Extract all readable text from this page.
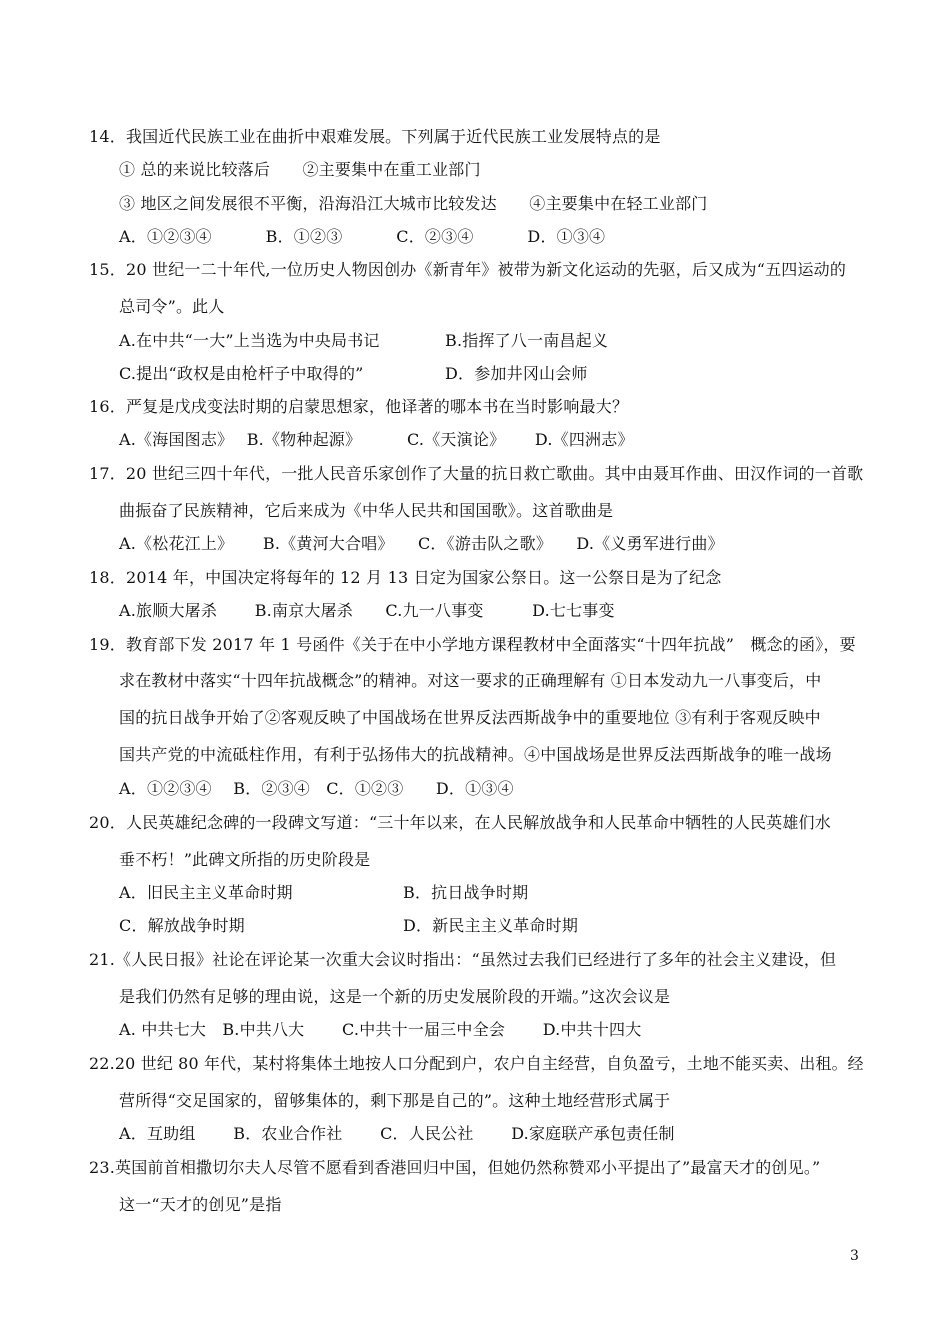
14．我国近代民族工业在曲折中艰难发展。下列属于近代民族工业发展特点的是
① 总的来说比较落后　　②主要集中在重工业部门
③ 地区之间发展很不平衡，沿海沿江大城市比较发达　　④主要集中在轻工业部门
A．①②③④　　　 B．①②③　　　 C．②③④　　　 D．①③④
15．20 世纪一二十年代,一位历史人物因创办《新青年》被带为新文化运动的先驱，后又成为“五四运动的
总司令”。此人
A.在中共“一大”上当选为中央局书记	B.指挥了八一南昌起义
C.提出“政权是由枪杆子中取得的”	D．参加井冈山会师
16．严复是戊戌变法时期的启蒙思想家，他译著的哪本书在当时影响最大？
A.《海国图志》　 B.《物种起源》　　　 C.《天演论》　　 D.《四洲志》
17．20 世纪三四十年代，一批人民音乐家创作了大量的抗日救亡歌曲。其中由聂耳作曲、田汉作词的一首歌
曲振奋了民族精神，它后来成为《中华人民共和国国歌》。这首歌曲是
A.《松花江上》　　 B.《黄河大合唱》　　C．《游击队之歌》　　D.《义勇军进行曲》
18．2014 年，中国决定将每年的 12 月 13 日定为国家公祭日。这一公祭日是为了纪念
A.旅顺大屠杀　　 B.南京大屠杀　　C.九一八事变　　　D.七七事变
19．教育部下发 2017 年 1 号函件《关于在中小学地方课程教材中全面落实“十四年抗战”　概念的函》，要
求在教材中落实“十四年抗战概念”的精神。对这一要求的正确理解有 ①日本发动九一八事变后，中
国的抗日战争开始了②客观反映了中国战场在世界反法西斯战争中的重要地位 ③有利于客观反映中
国共产党的中流砥柱作用，有利于弘扬伟大的抗战精神。④中国战场是世界反法西斯战争的唯一战场
A．①②③④　 B．②③④　C．①②③　　D．①③④
20．人民英雄纪念碑的一段碑文写道：“三十年以来，在人民解放战争和人民革命中牺牲的人民英雄们水
垂不朽！”此碑文所指的历史阶段是
A．旧民主主义革命时期	B．抗日战争时期
C．解放战争时期	D．新民主主义革命时期
21.《人民日报》社论在评论某一次重大会议时指出：“虽然过去我们已经进行了多年的社会主义建设，但
是我们仍然有足够的理由说，这是一个新的历史发展阶段的开端。”这次会议是
A. 中共七大　B.中共八大　　 C.中共十一届三中全会　　 D.中共十四大
22.20 世纪 80 年代，某村将集体土地按人口分配到户，农户自主经营，自负盈亏，土地不能买卖、出租。经
营所得“交足国家的，留够集体的，剩下那是自己的”。这种土地经营形式属于
A．互助组　　 B．农业合作社　　 C．人民公社　　 D.家庭联产承包责任制
23.英国前首相撒切尔夫人尽管不愿看到香港回归中国，但她仍然称赞邓小平提出了”最富天才的创见。”
这一“天才的创见”是指
3
